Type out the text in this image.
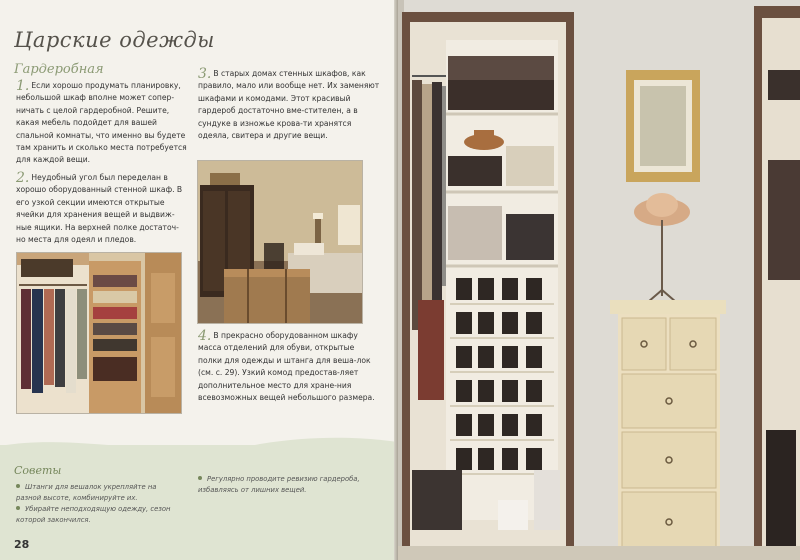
Царские одежды
Гардеробная
1. Если хорошо продумать планировку, небольшой шкаф вполне может сопер-ничать с целой гардеробной. Решите, какая мебель подойдет для вашей спальной комнаты, что именно вы будете там хранить и сколько места потребуется для каждой вещи.
2. Неудобный угол был переделан в хорошо оборудованный стенной шкаф. В его узкой секции имеются открытые ячейки для хранения вещей и выдвиж-ные ящики. На верхней полке достаточ-но места для одеял и пледов.
3. В старых домах стенных шкафов, как правило, мало или вообще нет. Их заменяют шкафами и комодами. Этот красивый гардероб достаточно вме-стителен, а в сундуке в изножье крова-ти хранятся одеяла, свитера и другие вещи.
4. В прекрасно оборудованном шкафу масса отделений для обуви, открытые полки для одежды и штанга для веша-лок (см. с. 29). Узкий комод предостав-ляет дополнительное место для хране-ния всевозможных вещей небольшого размера.
Советы
Штанги для вешалок укрепляйте на разной высоте, комбинируйте их.
Убирайте неподходящую одежду, сезон которой закончился.
Регулярно проводите ревизию гардероба, избавляясь от лишних вещей.
28
